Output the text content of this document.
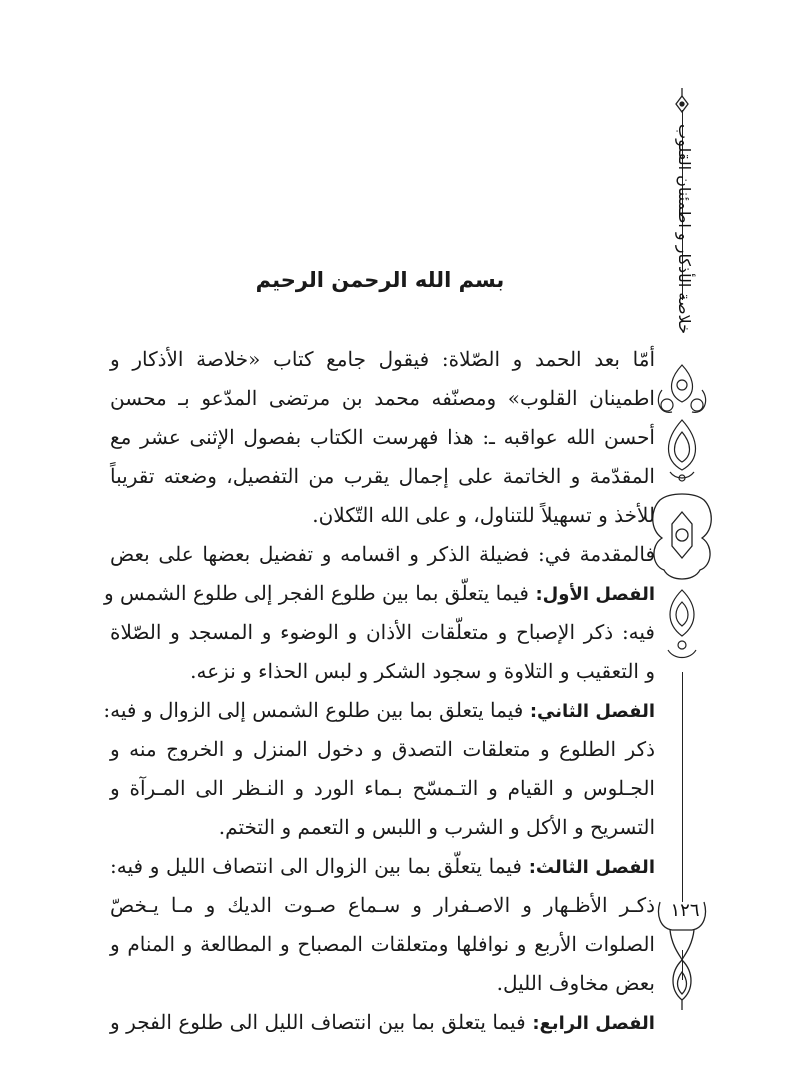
خلاصة الأذكار و اطمئنان القلوب
١٢٦
بسم الله الرحمن الرحيم
أمّا بعد الحمد و الصّلاة: فيقول جامع كتاب «خلاصة الأذكار و
اطمينان القلوب» ومصنّفه محمد بن مرتضى المدّعو بـ محسن
أحسن الله عواقبه ـ: هذا فهرست الكتاب بفصول الإثنى عشر مع
المقدّمة و الخاتمة على إجمال يقرب من التفصيل، وضعته تقريباً
للأخذ و تسهيلاً للتناول، و على الله التّكلان.
فالمقدمة في: فضيلة الذكر و اقسامه و تفضيل بعضها على بعض
الفصل الأول: فيما يتعلّق بما بين طلوع الفجر إلى طلوع الشمس و
فيه: ذكر الإصباح و متعلّقات الأذان و الوضوء و المسجد و الصّلاة
و التعقيب و التلاوة و سجود الشكر و لبس الحذاء و نزعه.
الفصل الثاني: فيما يتعلق بما بين طلوع الشمس إلى الزوال و فيه:
ذكر الطلوع و متعلقات التصدق و دخول المنزل و الخروج منه و
الجـلوس و القيام و التـمسّح بـماء الورد و النـظر الى المـرآة و
التسريح و الأكل و الشرب و اللبس و التعمم و التختم.
الفصل الثالث: فيما يتعلّق بما بين الزوال الى انتصاف الليل و فيه:
ذكـر الأظـهار و الاصـفرار و سـماع صـوت الديك و مـا يـخصّ
الصلوات الأربع و نوافلها ومتعلقات المصباح و المطالعة و المنام و
بعض مخاوف الليل.
الفصل الرابع: فيما يتعلق بما بين انتصاف الليل الى طلوع الفجر و
